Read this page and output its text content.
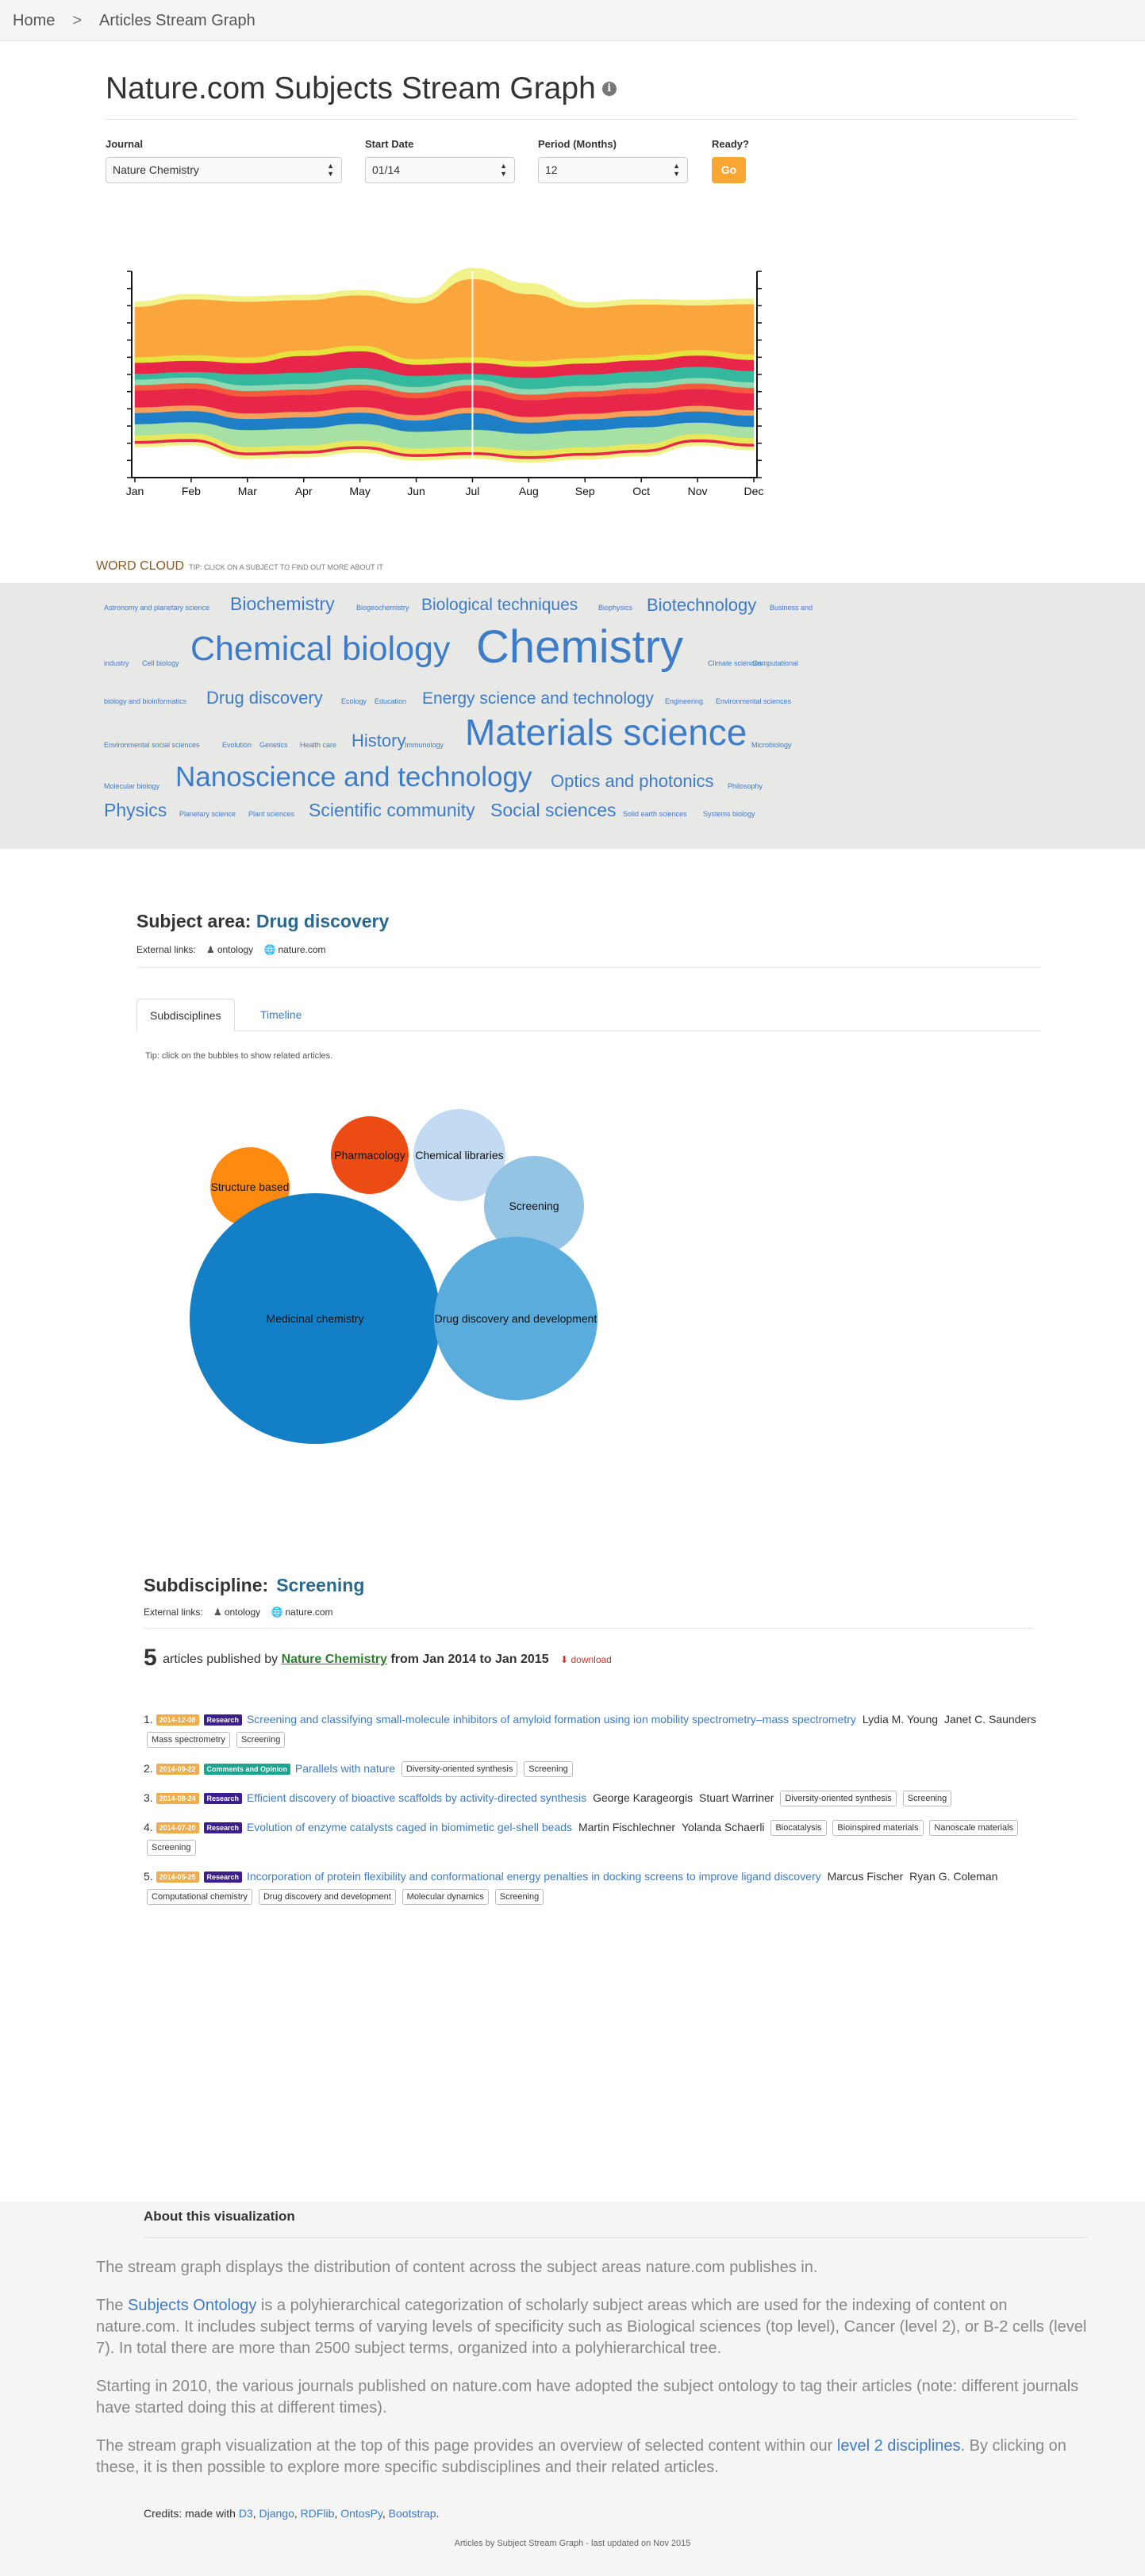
Home > Articles Stream Graph
Nature.com Subjects Stream Graph i
Journal
Nature Chemistry	▲
▼
Start Date
01/14	▲
▼
Period (Months)
12	▲
▼
Ready?
Go
Jan	Feb	Mar	Apr	May	Jun	Jul	Aug	Sep	Oct	Nov	Dec
WORD CLOUD TIP: CLICK ON A SUBJECT TO FIND OUT MORE ABOUT IT
Astronomy and planetary science Biochemistry	Biogeochemistry Biological techniques	Biophysics Biotechnology Business and
industry Cell biology Chemical biology Chemistry	Climate sciences
Computational
biology and bioinformatics Drug discovery	Ecology Education Energy science and technology Engineering Environmental sciences
Environmental social sciences	Evolution Genetics Health care History
Immunology Materials science Microbiology
Molecular biology Nanoscience and technology Optics and photonics Philosophy
Physics Planetary science Plant sciences Scientific community Social sciences Solid earth sciences Systems biology
Subject area: Drug discovery
External links: ♟ ontology 🌐 nature.com
Subdisciplines	Timeline
Tip: click on the bubbles to show related articles.
Structure based
Pharmacology Chemical libraries
Screening
Medicinal chemistry	Drug discovery and development
Subdiscipline: Screening
External links: ♟ ontology 🌐 nature.com
5 articles published by Nature Chemistry from Jan 2014 to Jan 2015 ⬇ download
1. 2014-12-08 Research Screening and classifying small-molecule inhibitors of amyloid formation using ion mobility spectrometry–mass spectrometry Lydia M. Young Janet C. Saunders Mass spectrometry Screening
2. 2014-09-22 Comments and Opinion Parallels with nature Diversity-oriented synthesis Screening
3. 2014-08-24 Research Efficient discovery of bioactive scaffolds by activity-directed synthesis George Karageorgis Stuart Warriner Diversity-oriented synthesis Screening
4. 2014-07-20 Research Evolution of enzyme catalysts caged in biomimetic gel-shell beads Martin Fischlechner Yolanda Schaerli Biocatalysis Bioinspired materials Nanoscale materials Screening
5. 2014-05-25 Research Incorporation of protein flexibility and conformational energy penalties in docking screens to improve ligand discovery Marcus Fischer Ryan G. Coleman Computational chemistry Drug discovery and development Molecular dynamics Screening
About this visualization

The stream graph displays the distribution of content across the subject areas nature.com publishes in.

The Subjects Ontology is a polyhierarchical categorization of scholarly subject areas which are used for the indexing of content on nature.com. It includes subject terms of varying levels of specificity such as Biological sciences (top level), Cancer (level 2), or B-2 cells (level 7). In total there are more than 2500 subject terms, organized into a polyhierarchical tree.

Starting in 2010, the various journals published on nature.com have adopted the subject ontology to tag their articles (note: different journals have started doing this at different times).

The stream graph visualization at the top of this page provides an overview of selected content within our level 2 disciplines. By clicking on these, it is then possible to explore more specific subdisciplines and their related articles.

Credits: made with D3, Django, RDFlib, OntosPy, Bootstrap.
Articles by Subject Stream Graph - last updated on Nov 2015
